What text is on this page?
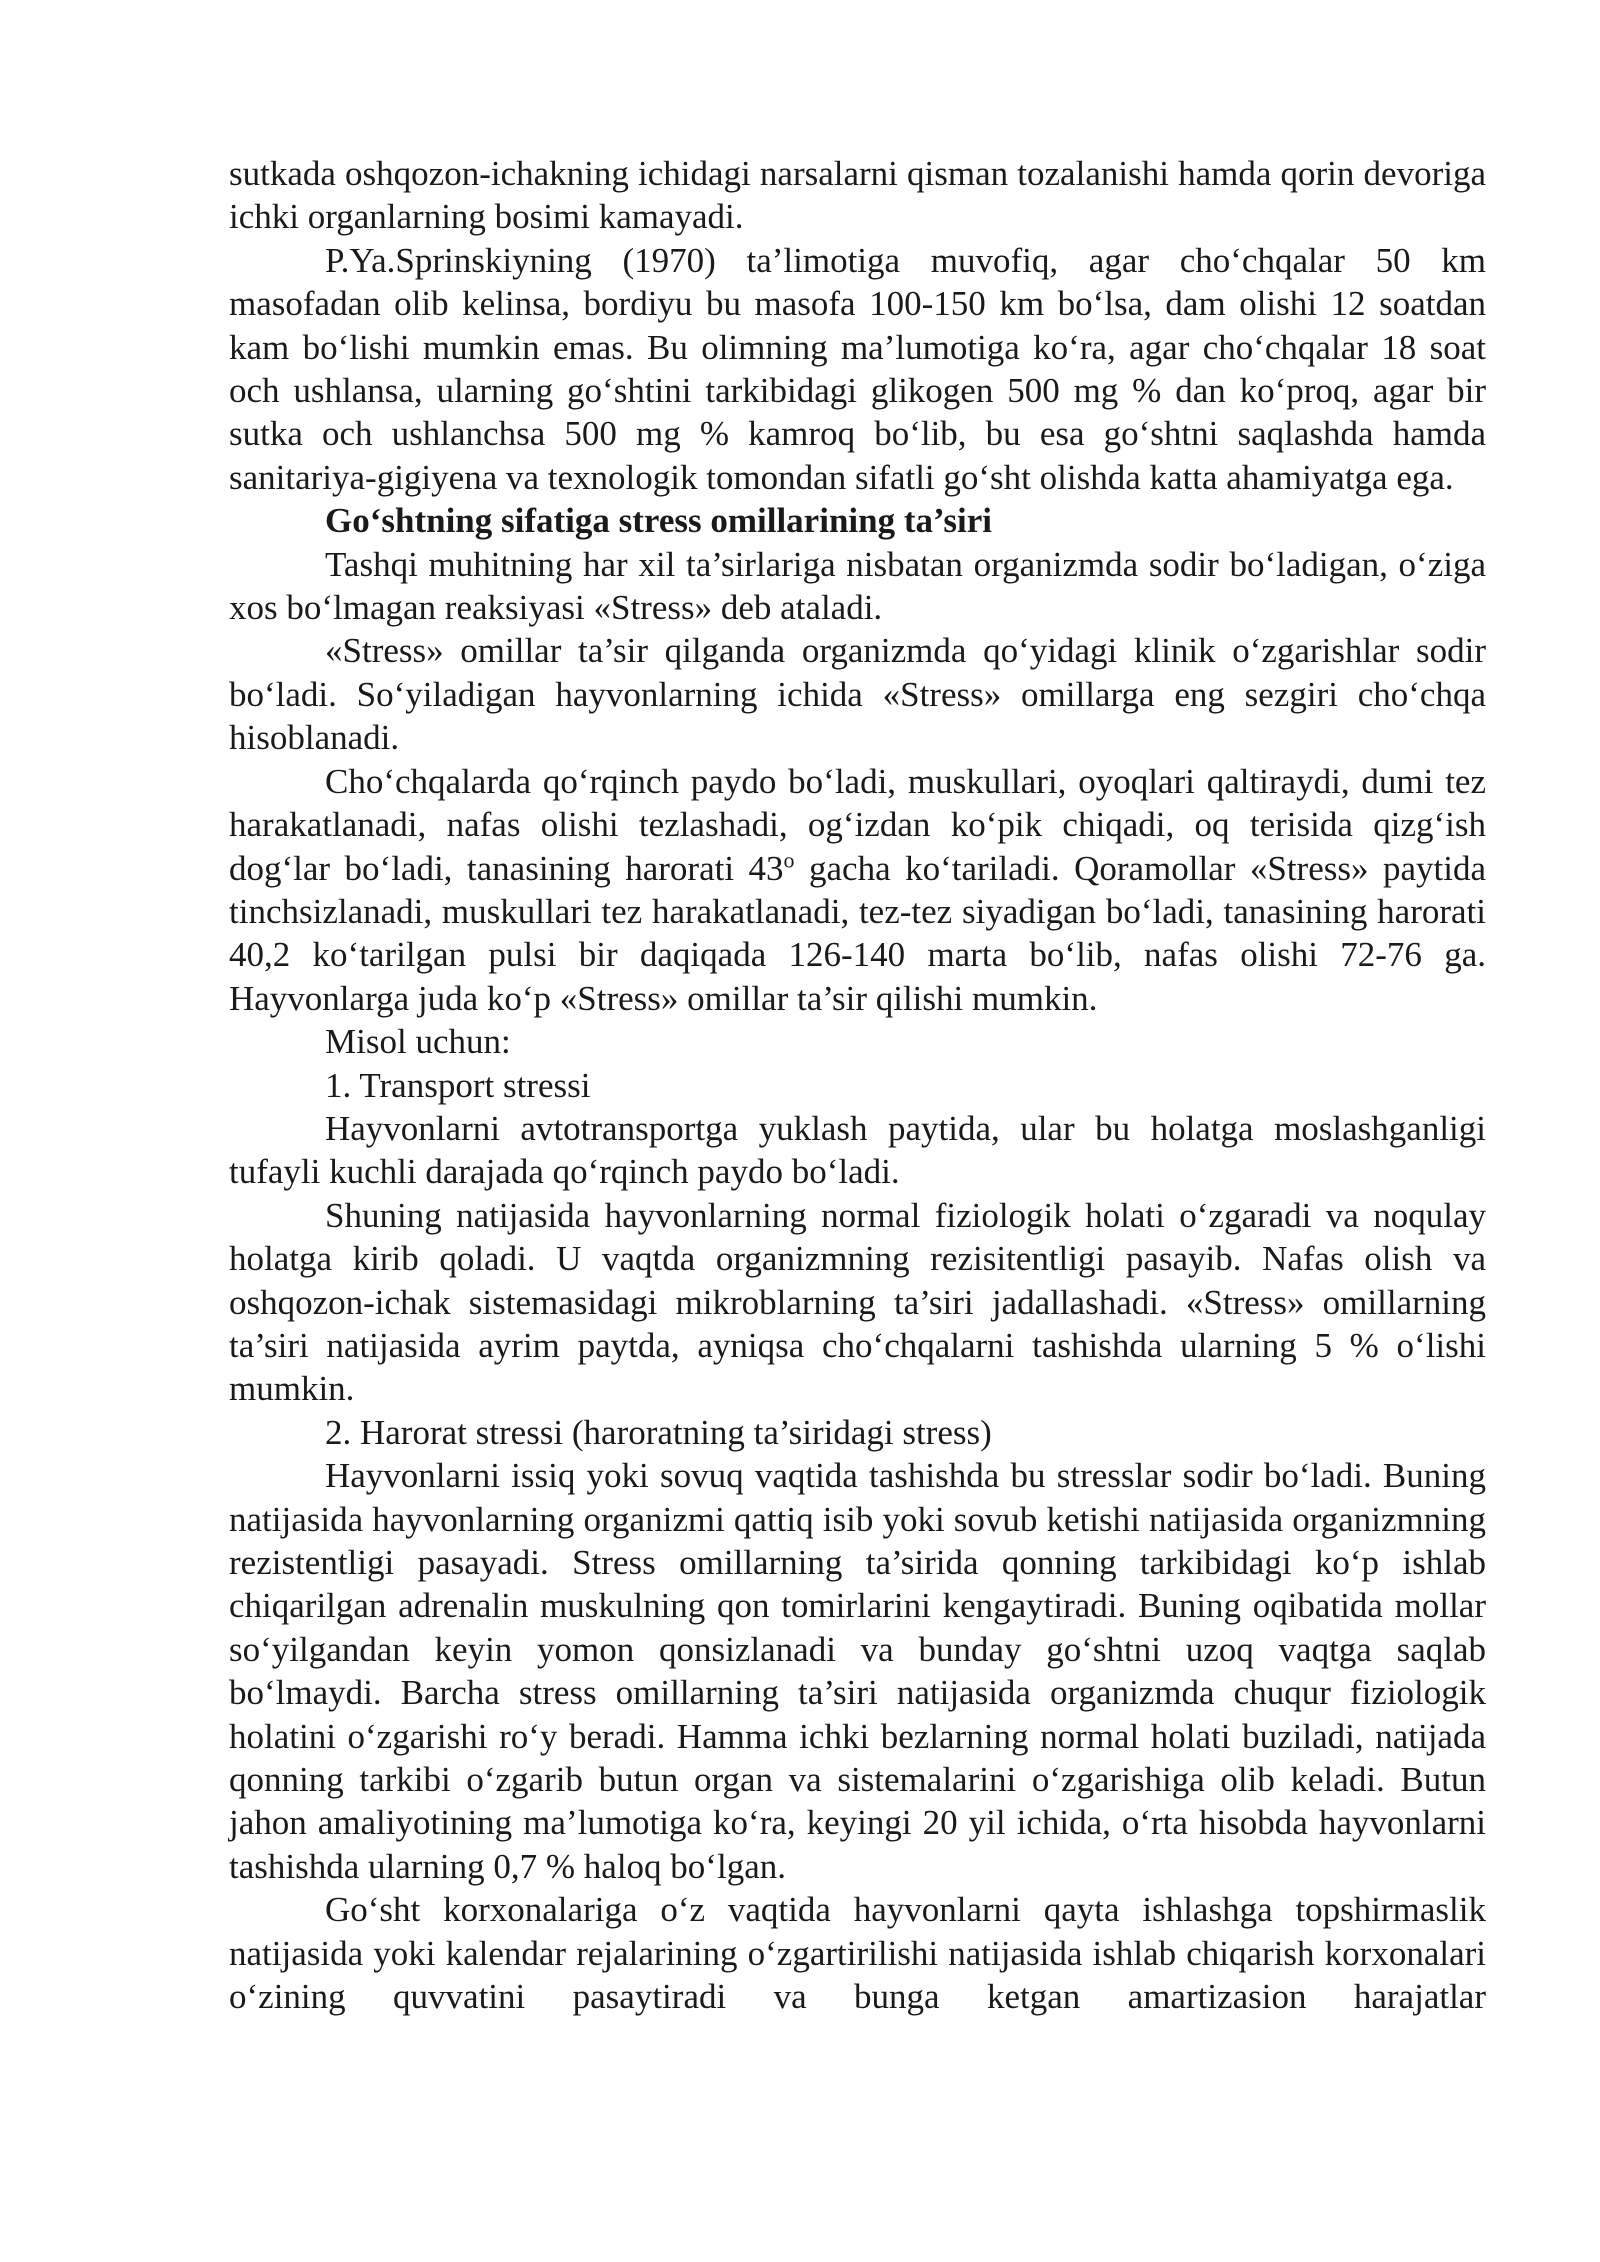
sutkada oshqozon-ichakning ichidagi narsalarni qisman tozalanishi hamda qorin devoriga ichki organlarning bosimi kamayadi.

P.Ya.Sprinskiyning (1970) ta’limotiga muvofiq, agar cho‘chqalar 50 km masofadan olib kelinsa, bordiyu bu masofa 100-150 km bo‘lsa, dam olishi 12 soatdan kam bo‘lishi mumkin emas. Bu olimning ma’lumotiga ko‘ra, agar cho‘chqalar 18 soat och ushlansa, ularning go‘shtini tarkibidagi glikogen 500 mg % dan ko‘proq, agar bir sutka och ushlanchsa 500 mg % kamroq bo‘lib, bu esa go‘shtni saqlashda hamda sanitariya-gigiyena va texnologik tomondan sifatli go‘sht olishda katta ahamiyatga ega.

Go‘shtning sifatiga stress omillarining ta’siri

Tashqi muhitning har xil ta’sirlariga nisbatan organizmda sodir bo‘ladigan, o‘ziga xos bo‘lmagan reaksiyasi «Stress» deb ataladi.

«Stress» omillar ta’sir qilganda organizmda qo‘yidagi klinik o‘zgarishlar sodir bo‘ladi. So‘yiladigan hayvonlarning ichida «Stress» omillarga eng sezgiri cho‘chqa hisoblanadi.

Cho‘chqalarda qo‘rqinch paydo bo‘ladi, muskullari, oyoqlari qaltiraydi, dumi tez harakatlanadi, nafas olishi tezlashadi, og‘izdan ko‘pik chiqadi, oq terisida qizg‘ish dog‘lar bo‘ladi, tanasining harorati 43$^o$ gacha ko‘tariladi. Qoramollar «Stress» paytida tinchsizlanadi, muskullari tez harakatlanadi, tez-tez siyadigan bo‘ladi, tanasining harorati 40,2 ko‘tarilgan pulsi bir daqiqada 126-140 marta bo‘lib, nafas olishi 72-76 ga. Hayvonlarga juda ko‘p «Stress» omillar ta’sir qilishi mumkin.

Misol uchun:

1. Transport stressi

Hayvonlarni avtotransportga yuklash paytida, ular bu holatga moslashganligi tufayli kuchli darajada qo‘rqinch paydo bo‘ladi.

Shuning natijasida hayvonlarning normal fiziologik holati o‘zgaradi va noqulay holatga kirib qoladi. U vaqtda organizmning rezisitentligi pasayib. Nafas olish va oshqozon-ichak sistemasidagi mikroblarning ta’siri jadallashadi. «Stress» omillarning ta’siri natijasida ayrim paytda, ayniqsa cho‘chqalarni tashishda ularning 5 % o‘lishi mumkin.

2. Harorat stressi (haroratning ta’siridagi stress)

Hayvonlarni issiq yoki sovuq vaqtida tashishda bu stresslar sodir bo‘ladi. Buning natijasida hayvonlarning organizmi qattiq isib yoki sovub ketishi natijasida organizmning rezistentligi pasayadi. Stress omillarning ta’sirida qonning tarkibidagi ko‘p ishlab chiqarilgan adrenalin muskulning qon tomirlarini kengaytiradi. Buning oqibatida mollar so‘yilgandan keyin yomon qonsizlanadi va bunday go‘shtni uzoq vaqtga saqlab bo‘lmaydi. Barcha stress omillarning ta’siri natijasida organizmda chuqur fiziologik holatini o‘zgarishi ro‘y beradi. Hamma ichki bezlarning normal holati buziladi, natijada qonning tarkibi o‘zgarib butun organ va sistemalarini o‘zgarishiga olib keladi. Butun jahon amaliyotining ma’lumotiga ko‘ra, keyingi 20 yil ichida, o‘rta hisobda hayvonlarni tashishda ularning 0,7 % haloq bo‘lgan.

Go‘sht korxonalariga o‘z vaqtida hayvonlarni qayta ishlashga topshirmaslik natijasida yoki kalendar rejalarining o‘zgartirilishi natijasida ishlab chiqarish korxonalari o‘zining quvvatini pasaytiradi va bunga ketgan amartizasion harajatlar
